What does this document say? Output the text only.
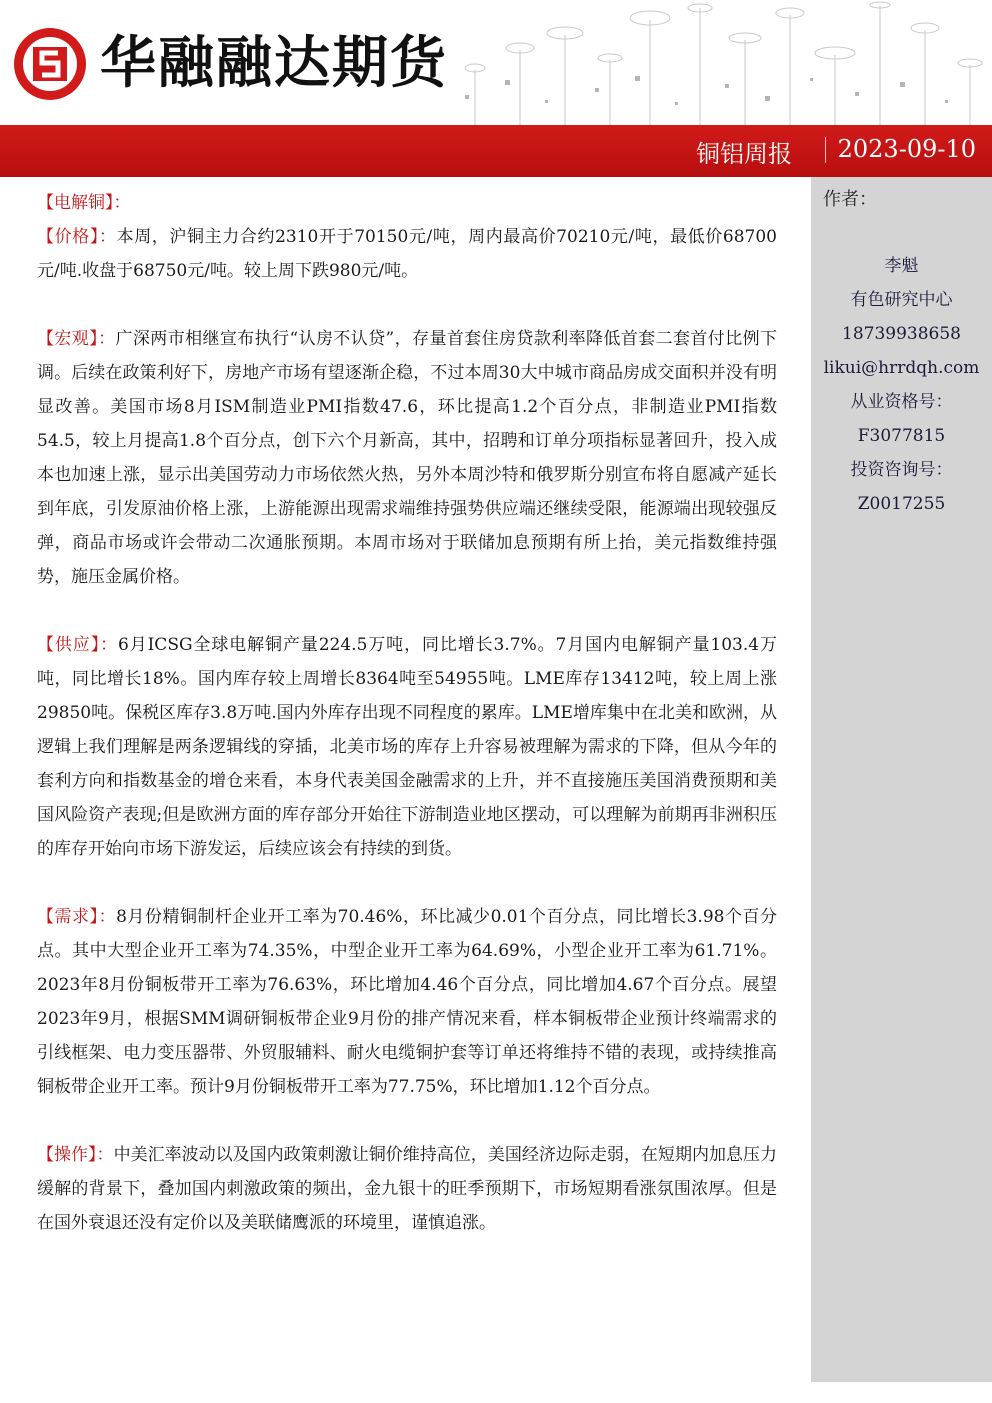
华融融达期货
铜铝周报 2023-09-10
作者：
李魁
有色研究中心
18739938658
likui@hrrdqh.com
从业资格号：
F3077815
投资咨询号：
Z0017255

【电解铜】：

【价格】：本周，沪铜主力合约2310开于70150元/吨，周内最高价70210元/吨，最低价68700元/吨.收盘于68750元/吨。较上周下跌980元/吨。

【宏观】：广深两市相继宣布执行“认房不认贷”，存量首套住房贷款利率降低首套二套首付比例下调。后续在政策利好下，房地产市场有望逐渐企稳，不过本周30大中城市商品房成交面积并没有明显改善。美国市场8月ISM制造业PMI指数47.6，环比提高1.2个百分点，非制造业PMI指数54.5，较上月提高1.8个百分点，创下六个月新高，其中，招聘和订单分项指标显著回升，投入成本也加速上涨，显示出美国劳动力市场依然火热，另外本周沙特和俄罗斯分别宣布将自愿减产延长到年底，引发原油价格上涨，上游能源出现需求端维持强势供应端还继续受限，能源端出现较强反弹，商品市场或许会带动二次通胀预期。本周市场对于联储加息预期有所上抬，美元指数维持强势，施压金属价格。

【供应】：6月ICSG全球电解铜产量224.5万吨，同比增长3.7%。7月国内电解铜产量103.4万吨，同比增长18%。国内库存较上周增长8364吨至54955吨。LME库存13412吨，较上周上涨29850吨。保税区库存3.8万吨.国内外库存出现不同程度的累库。LME增库集中在北美和欧洲，从逻辑上我们理解是两条逻辑线的穿插，北美市场的库存上升容易被理解为需求的下降，但从今年的套利方向和指数基金的增仓来看，本身代表美国金融需求的上升，并不直接施压美国消费预期和美国风险资产表现;但是欧洲方面的库存部分开始往下游制造业地区摆动，可以理解为前期再非洲积压的库存开始向市场下游发运，后续应该会有持续的到货。

【需求】：8月份精铜制杆企业开工率为70.46%，环比减少0.01个百分点，同比增长3.98个百分点。其中大型企业开工率为74.35%，中型企业开工率为64.69%，小型企业开工率为61.71%。2023年8月份铜板带开工率为76.63%，环比增加4.46个百分点，同比增加4.67个百分点。展望2023年9月，根据SMM调研铜板带企业9月份的排产情况来看，样本铜板带企业预计终端需求的引线框架、电力变压器带、外贸服辅料、耐火电缆铜护套等订单还将维持不错的表现，或持续推高铜板带企业开工率。预计9月份铜板带开工率为77.75%，环比增加1.12个百分点。

【操作】：中美汇率波动以及国内政策刺激让铜价维持高位，美国经济边际走弱，在短期内加息压力缓解的背景下，叠加国内刺激政策的频出，金九银十的旺季预期下，市场短期看涨氛围浓厚。但是在国外衰退还没有定价以及美联储鹰派的环境里，谨慎追涨。
